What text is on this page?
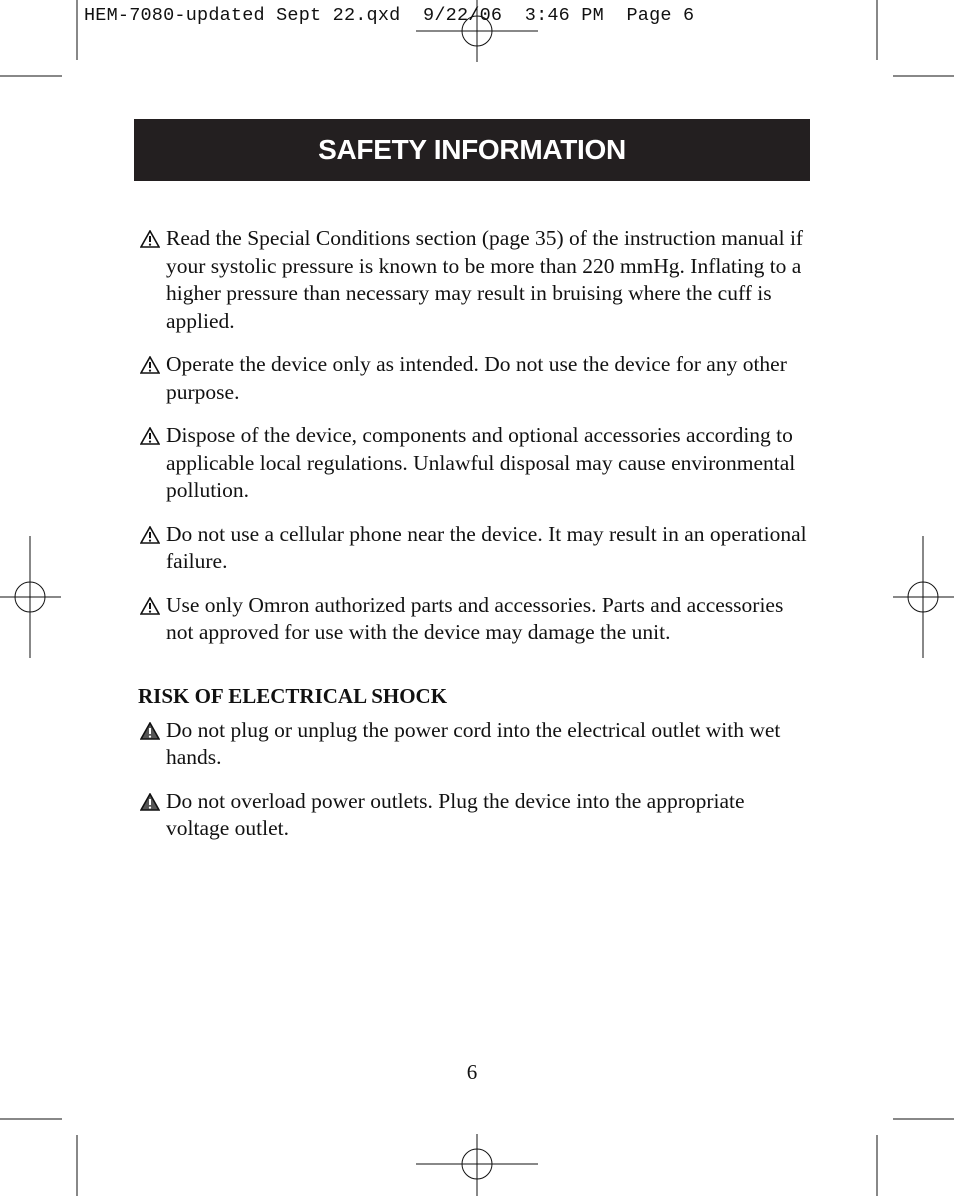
HEM-7080-updated Sept 22.qxd  9/22/06  3:46 PM  Page 6
SAFETY INFORMATION
Read the Special Conditions section (page 35) of the instruction manual if your systolic pressure is known to be more than 220 mmHg. Inflating to a higher pressure than necessary may result in bruising where the cuff is applied.
Operate the device only as intended. Do not use the device for any other purpose.
Dispose of the device, components and optional accessories according to applicable local regulations. Unlawful disposal may cause environmental pollution.
Do not use a cellular phone near the device. It may result in an operational failure.
Use only Omron authorized parts and accessories. Parts and accessories not approved for use with the device may damage the unit.
RISK OF ELECTRICAL SHOCK
Do not plug or unplug the power cord into the electrical outlet with wet hands.
Do not overload power outlets. Plug the device into the appropriate voltage outlet.
6
